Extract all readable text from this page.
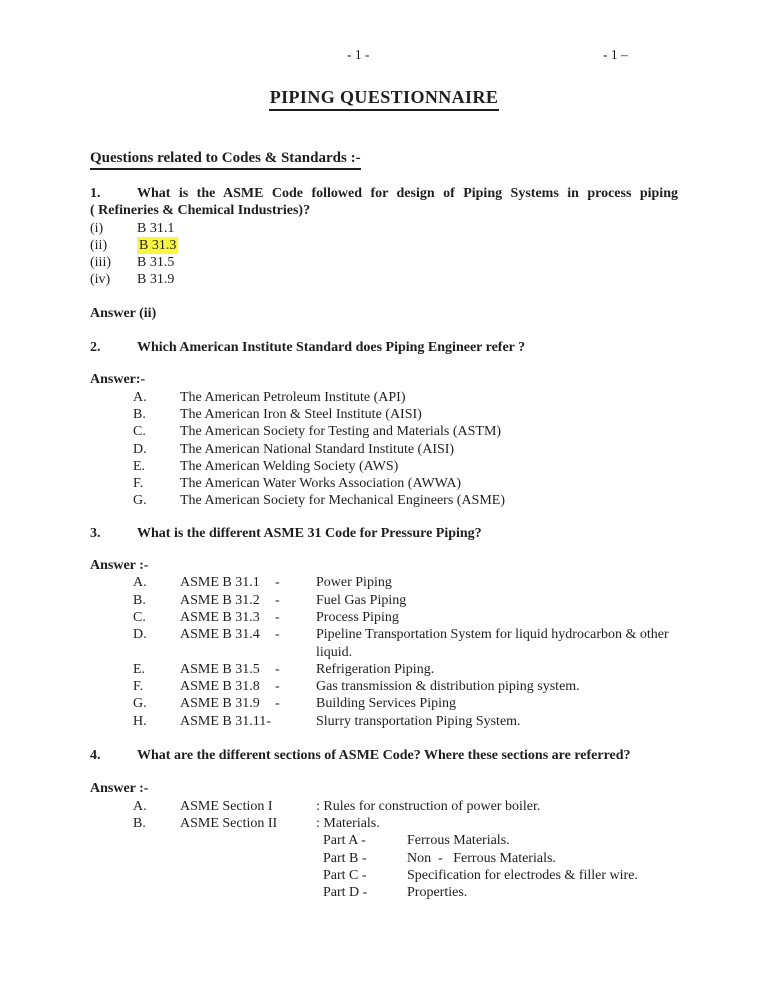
- 1 -	- 1 –
PIPING QUESTIONNAIRE
Questions related to Codes & Standards :-
1.	What is the ASME Code followed for design of Piping Systems in process piping
( Refineries & Chemical Industries)?
(i)	B 31.1
(ii)	B 31.3
(iii)	B 31.5
(iv)	B 31.9
Answer (ii)
2.	Which American Institute Standard does Piping Engineer refer ?
Answer:-
A.	The American Petroleum Institute (API)
B.	The American Iron & Steel Institute (AISI)
C.	The American Society for Testing and Materials (ASTM)
D.	The American National Standard Institute (AISI)
E.	The American Welding Society (AWS)
F.	The American Water Works Association (AWWA)
G.	The American Society for Mechanical Engineers (ASME)
3.	What is the different ASME 31 Code for Pressure Piping?
Answer :-
A.	ASME B 31.1	-	Power Piping
B.	ASME B 31.2	-	Fuel Gas Piping
C.	ASME B 31.3	-	Process Piping
D.	ASME B 31.4	-	Pipeline Transportation System for liquid hydrocarbon & other liquid.
E.	ASME B 31.5	-	Refrigeration Piping.
F.	ASME B 31.8	-	Gas transmission & distribution piping system.
G.	ASME B 31.9	-	Building Services Piping
H.	ASME B 31.11-	Slurry transportation Piping System.
4.	What are the different sections of ASME Code? Where these sections are referred?
Answer :-
A.	ASME Section I	: Rules for construction of power boiler.
B.	ASME Section II	: Materials.
Part A -	Ferrous Materials.
Part B -	Non  -   Ferrous Materials.
Part C -	Specification for electrodes & filler wire.
Part D -	Properties.
